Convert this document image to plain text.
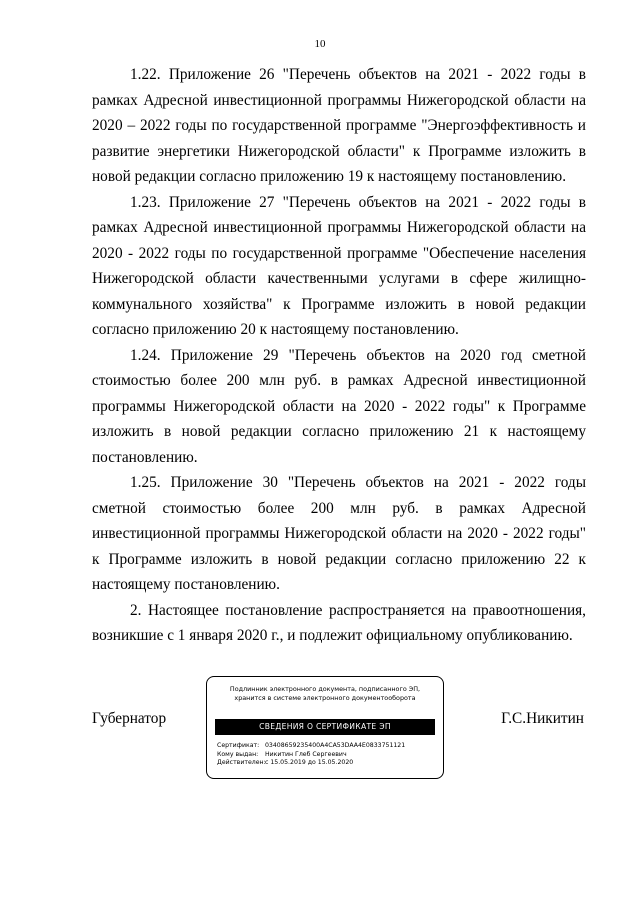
10

1.22. Приложение 26 "Перечень объектов на 2021 - 2022 годы в рамках Адресной инвестиционной программы Нижегородской области на 2020 – 2022 годы по государственной программе "Энергоэффективность и развитие энергетики Нижегородской области" к Программе изложить в новой редакции согласно приложению 19 к настоящему постановлению.

1.23. Приложение 27 "Перечень объектов на 2021 - 2022 годы в рамках Адресной инвестиционной программы Нижегородской области на 2020 - 2022 годы по государственной программе "Обеспечение населения Нижегородской области качественными услугами в сфере жилищно-коммунального хозяйства" к Программе изложить в новой редакции согласно приложению 20 к настоящему постановлению.

1.24. Приложение 29 "Перечень объектов на 2020 год сметной стоимостью более 200 млн руб. в рамках Адресной инвестиционной программы Нижегородской области на 2020 - 2022 годы" к Программе изложить в новой редакции согласно приложению 21 к настоящему постановлению.

1.25. Приложение 30 "Перечень объектов на 2021 - 2022 годы сметной стоимостью более 200 млн руб. в рамках Адресной инвестиционной программы Нижегородской области на 2020 - 2022 годы" к Программе изложить в новой редакции согласно приложению 22 к настоящему постановлению.

2. Настоящее постановление распространяется на правоотношения, возникшие с 1 января 2020 г., и подлежит официальному опубликованию.

Губернатор
Подлинник электронного документа, подписанного ЭП,
хранится в системе электронного документооборота
СВЕДЕНИЯ О СЕРТИФИКАТЕ ЭП
Сертификат: 03408659235400A4CA53DAA4E0833751121
Кому выдан: Никитин Глеб Сергеевич
Действителен: с 15.05.2019 до 15.05.2020
Г.С.Никитин
